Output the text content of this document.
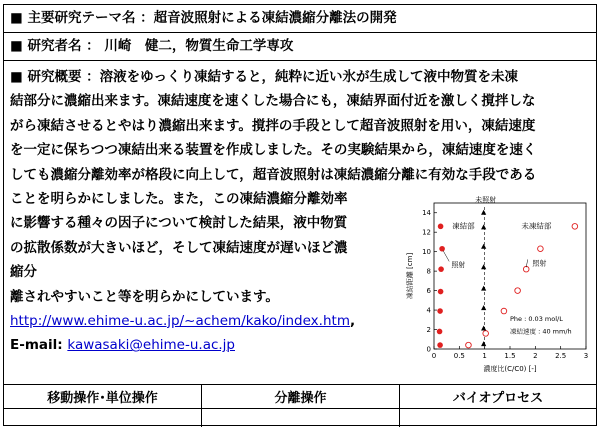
■ 主要研究テーマ名 ：超音波照射による凍結濃縮分離法の開発
■ 研究者名 ： 川崎　健二，物質生命工学専攻
■ 研究概要 ：溶液をゆっくり凍結すると，純粋に近い氷が生成して液中物質を未凍
結部分に濃縮出来ます。凍結速度を速くした場合にも，凍結界面付近を激しく撹拌しな
がら凍結させるとやはり濃縮出来ます。撹拌の手段として超音波照射を用い，凍結速度
を一定に保ちつつ凍結出来る装置を作成しました。その実験結果から，凍結速度を速く
しても濃縮分離効率が格段に向上して，超音波照射は凍結濃縮分離に有効な手段である
ことを明らかにしました。また，この凍結濃縮分離効率
に影響する種々の因子について検討した結果，液中物質
の拡散係数が大きいほど，そして凍結速度が遅いほど濃
縮分
離されやすいこと等を明らかにしています。
http://www.ehime-u.ac.jp/~achem/kako/index.htm,
E-mail: kawasaki@ehime-u.ac.jp
0	0.5	1	1.5	2	2.5	3
0
2
4
6
8
10
12
14
濃度比(C/C0) [-]
凍結距離 [cm]
未照射
凍結部	未凍結部
照射	照射
Phe : 0.03 mol/L
凍結速度 : 40 mm/h
移動操作･単位操作	分離操作	バイオプロセス
